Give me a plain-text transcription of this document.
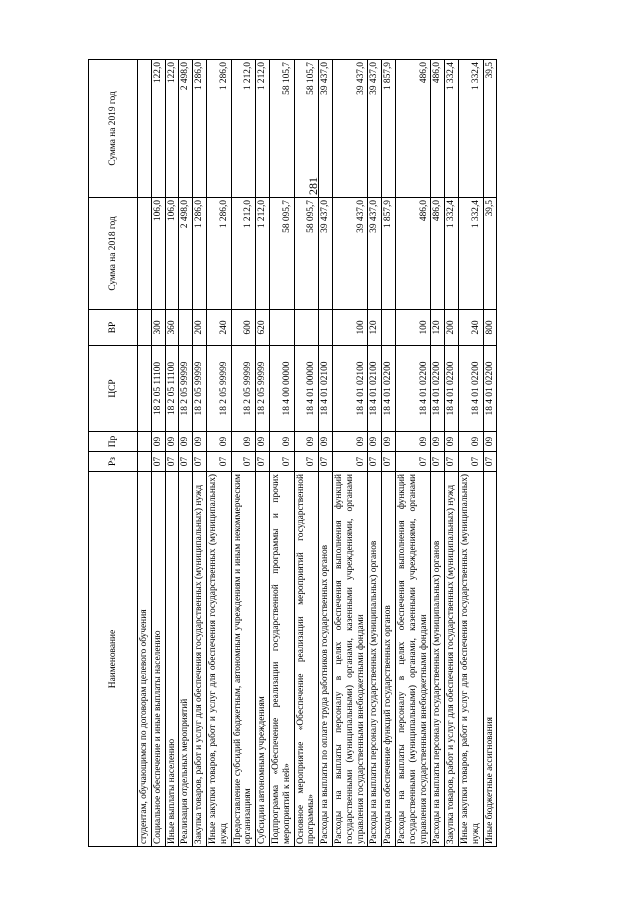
281
Наименование	Рз	Пр	ЦСР	ВР	Сумма на 2018 год	Сумма на 2019 год
студентам, обучающимся по договорам целевого обучения						
Социальное обеспечение и иные выплаты населению	07	09	18 2 05 11100	300	106,0	122,0
Иные выплаты населению	07	09	18 2 05 11100	360	106,0	122,0
Реализация отдельных мероприятий	07	09	18 2 05 99999		2 498,0	2 498,0
Закупка товаров, работ и услуг для обеспечения государственных (муниципальных) нужд	07	09	18 2 05 99999	200	1 286,0	1 286,0
Иные закупки товаров, работ и услуг для обеспечения государственных (муниципальных) нужд	07	09	18 2 05 99999	240	1 286,0	1 286,0
Предоставление субсидий бюджетным, автономным учреждениям и иным некоммерческим организациям	07	09	18 2 05 99999	600	1 212,0	1 212,0
Субсидии автономным учреждениям	07	09	18 2 05 99999	620	1 212,0	1 212,0
Подпрограмма «Обеспечение реализации государственной программы и прочих мероприятий к ней»	07	09	18 4 00 00000		58 095,7	58 105,7
Основное мероприятие «Обеспечение реализации мероприятий государственной программы»	07	09	18 4 01 00000		58 095,7	58 105,7
Расходы на выплаты по оплате труда работников государственных органов	07	09	18 4 01 02100		39 437,0	39 437,0
Расходы на выплаты персоналу в целях обеспечения выполнения функций государственными (муниципальными) органами, казенными учреждениями, органами управления государственными внебюджетными фондами	07	09	18 4 01 02100	100	39 437,0	39 437,0
Расходы на выплаты персоналу государственных (муниципальных) органов	07	09	18 4 01 02100	120	39 437,0	39 437,0
Расходы на обеспечение функций государственных органов	07	09	18 4 01 02200		1 857,9	1 857,9
Расходы на выплаты персоналу в целях обеспечения выполнения функций государственными (муниципальными) органами, казенными учреждениями, органами управления государственными внебюджетными фондами	07	09	18 4 01 02200	100	486,0	486,0
Расходы на выплаты персоналу государственных (муниципальных) органов	07	09	18 4 01 02200	120	486,0	486,0
Закупка товаров, работ и услуг для обеспечения государственных (муниципальных) нужд	07	09	18 4 01 02200	200	1 332,4	1 332,4
Иные закупки товаров, работ и услуг для обеспечения государственных (муниципальных) нужд	07	09	18 4 01 02200	240	1 332,4	1 332,4
Иные бюджетные ассигнования	07	09	18 4 01 02200	800	39,5	39,5
